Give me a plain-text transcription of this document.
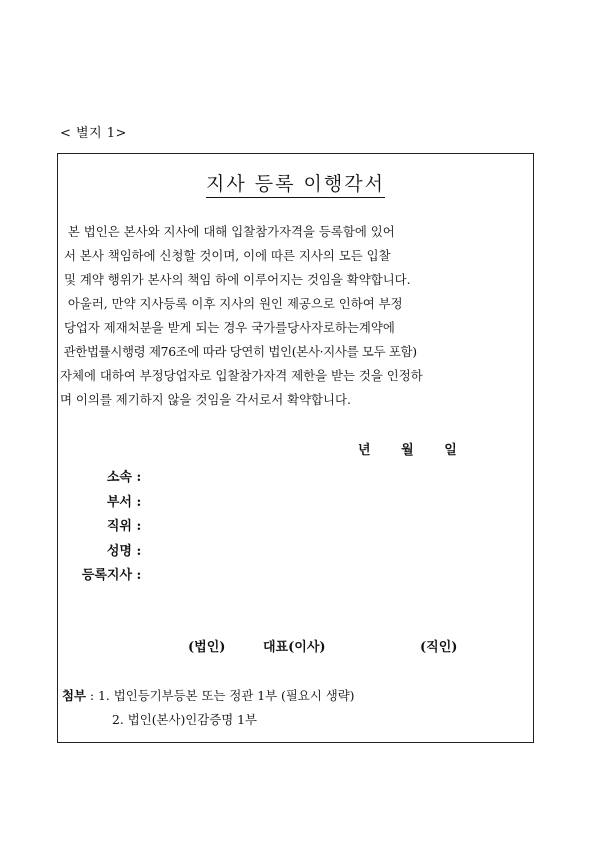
< 별지 1>
지사 등록 이행각서
본 법인은 본사와 지사에 대해 입찰참가자격을 등록함에 있어
서 본사 책임하에 신청할 것이며, 이에 따른 지사의 모든 입찰
및 계약 행위가 본사의 책임 하에 이루어지는 것임을 확약합니다.
아울러, 만약 지사등록 이후 지사의 원인 제공으로 인하여 부정
당업자 제재처분을 받게 되는 경우 국가를당사자로하는계약에
관한법률시행령 제76조에 따라 당연히 법인(본사·지사를 모두 포함)
자체에 대하여 부정당업자로 입찰참가자격 제한을 받는 것을 인정하
며 이의를 제기하지 않을 것임을 각서로서 확약합니다.
년 월 일
소속 :
부서 :
직위 :
성명 :
등록지사 :
(법인)	대표(이사)	(직인)
첨부 : 1. 법인등기부등본 또는 정관 1부 (필요시 생략)
2. 법인(본사)인감증명 1부
